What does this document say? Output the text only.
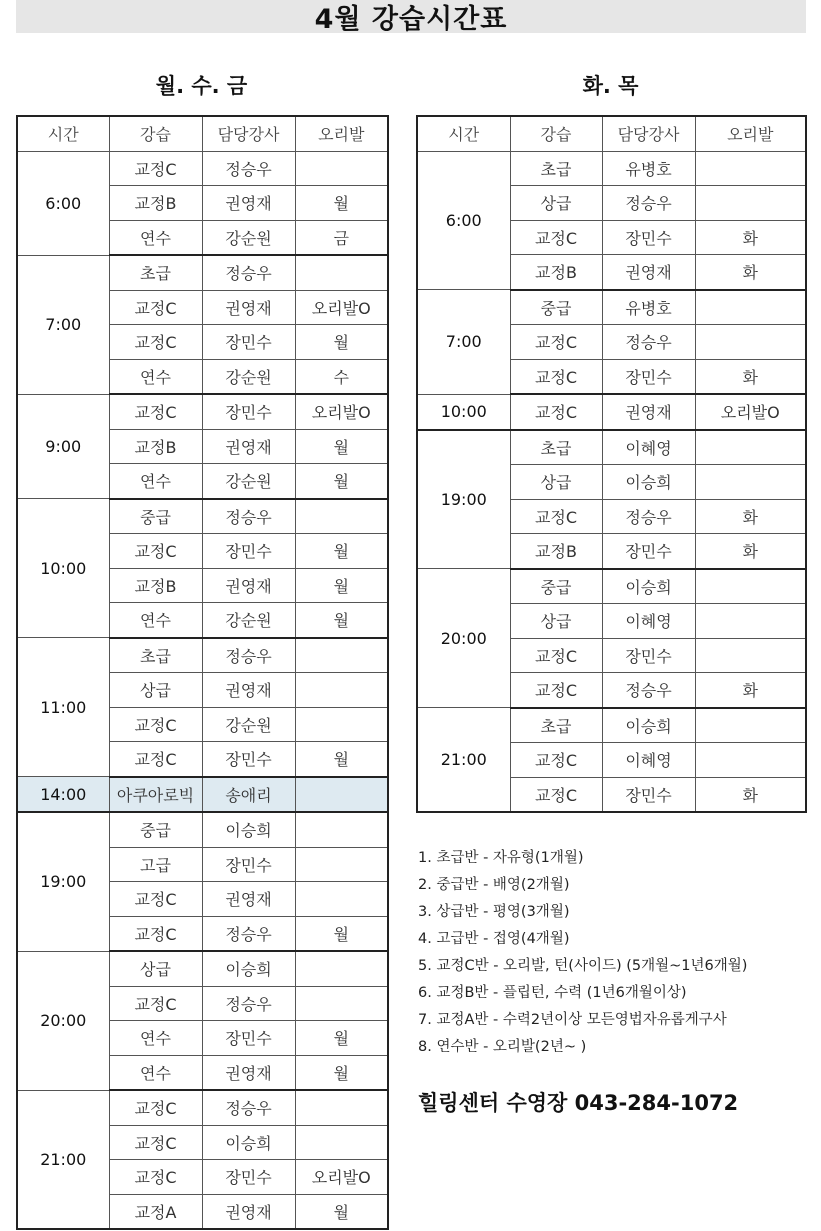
4월 강습시간표
월. 수. 금	화. 목
시간	강습	담당강사	오리발
6:00	교정C	정승우	
	교정B	권영재	월
	연수	강순원	금
7:00	초급	정승우	
	교정C	권영재	오리발O
	교정C	장민수	월
	연수	강순원	수
9:00	교정C	장민수	오리발O
	교정B	권영재	월
	연수	강순원	월
10:00	중급	정승우	
	교정C	장민수	월
	교정B	권영재	월
	연수	강순원	월
11:00	초급	정승우	
	상급	권영재	
	교정C	강순원	
	교정C	장민수	월
14:00	아쿠아로빅	송애리	
19:00	중급	이승희	
	고급	장민수	
	교정C	권영재	
	교정C	정승우	월
20:00	상급	이승희	
	교정C	정승우	
	연수	장민수	월
	연수	권영재	월
21:00	교정C	정승우	
	교정C	이승희	
	교정C	장민수	오리발O
	교정A	권영재	월
시간	강습	담당강사	오리발
6:00	초급	유병호	
	상급	정승우	
	교정C	장민수	화
	교정B	권영재	화
7:00	중급	유병호	
	교정C	정승우	
	교정C	장민수	화
10:00	교정C	권영재	오리발O
19:00	초급	이혜영	
	상급	이승희	
	교정C	정승우	화
	교정B	장민수	화
20:00	중급	이승희	
	상급	이혜영	
	교정C	장민수	
	교정C	정승우	화
21:00	초급	이승희	
	교정C	이혜영	
	교정C	장민수	화
1. 초급반 - 자유형(1개월)
2. 중급반 - 배영(2개월)
3. 상급반 - 평영(3개월)
4. 고급반 - 접영(4개월)
5. 교정C반 - 오리발, 턴(사이드) (5개월~1년6개월)
6. 교정B반 - 플립턴, 수력 (1년6개월이상)
7. 교정A반 - 수력2년이상 모든영법자유롭게구사
8. 연수반 - 오리발(2년~ )
힐링센터 수영장 043-284-1072
